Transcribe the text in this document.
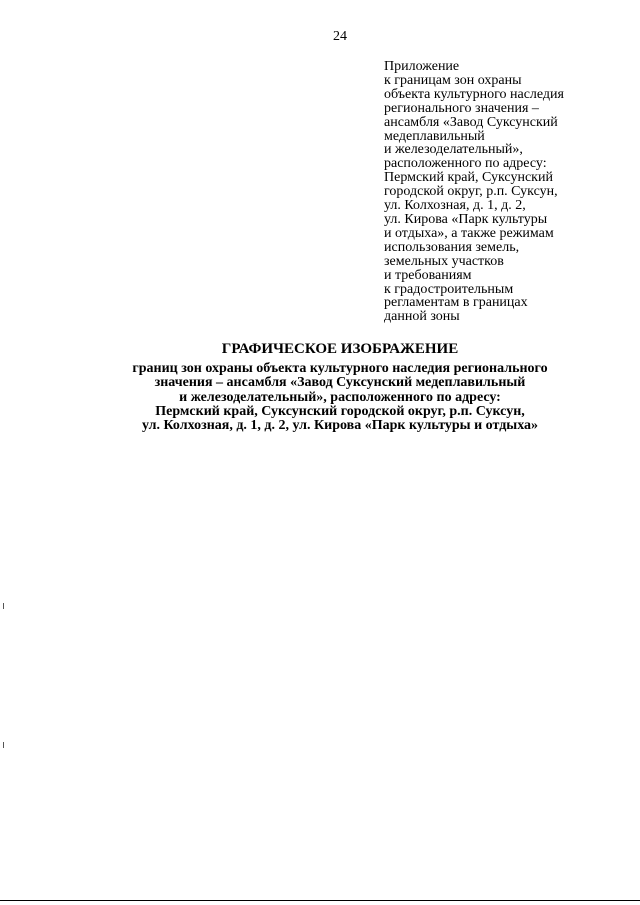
24
Приложение
к границам зон охраны
объекта культурного наследия
регионального значения –
ансамбля «Завод Суксунский
медеплавильный
и железоделательный»,
расположенного по адресу:
Пермский край, Суксунский
городской округ, р.п. Суксун,
ул. Колхозная, д. 1, д. 2,
ул. Кирова «Парк культуры
и отдыха», а также режимам
использования земель,
земельных участков
и требованиям
к градостроительным
регламентам в границах
данной зоны
ГРАФИЧЕСКОЕ ИЗОБРАЖЕНИЕ
границ зон охраны объекта культурного наследия регионального
значения – ансамбля «Завод Суксунский медеплавильный
и железоделательный», расположенного по адресу:
Пермский край, Суксунский городской округ, р.п. Суксун,
ул. Колхозная, д. 1, д. 2, ул. Кирова «Парк культуры и отдыха»
